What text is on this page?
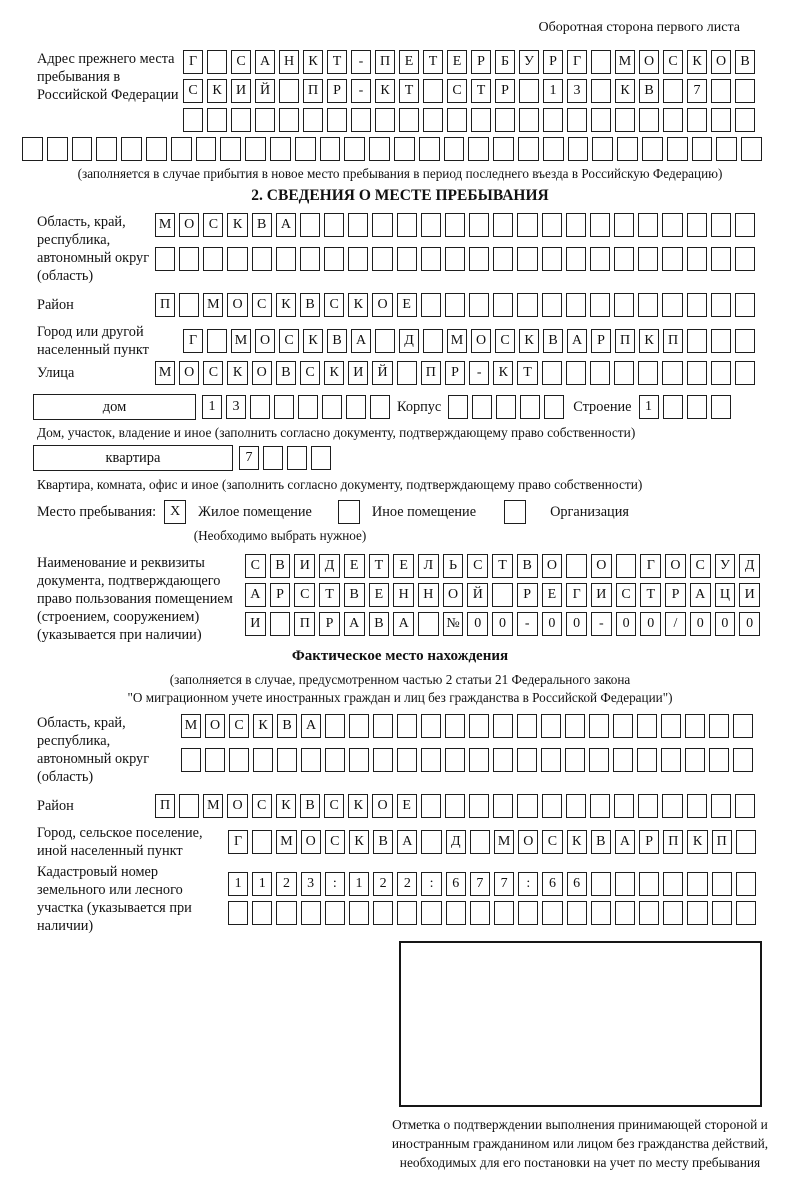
Оборотная сторона первого листа
Адрес прежнего места пребывания в Российской Федерации
Г	С	А Н	К	Т	-	П	Е	Т	Е	Р	Б	У	Р	Г	М О	С	К	О	В
С	К	И Й	П	Р	-	К	Т	С	Т	Р	1	3	К	В	7
(заполняется в случае прибытия в новое место пребывания в период последнего въезда в Российскую Федерацию)
2. СВЕДЕНИЯ О МЕСТЕ ПРЕБЫВАНИЯ
Область, край, республика, автономный округ (область)
М О	С	К	В	А
Район	П	М О	С	К	В	С	К	О	Е
Город или другой населенный пункт
Г	М О	С	К	В	А	Д	М О	С	К	В	А	Р	П	К	П
Улица	М О	С	К	О	В	С	К	И	Й	П	Р	-	К	Т
дом	1	3	Корпус	Строение 1
Дом, участок, владение и иное (заполнить согласно документу, подтверждающему право собственности)
квартира	7
Квартира, комната, офис и иное (заполнить согласно документу, подтверждающему право собственности)
Место пребывания: X	Жилое помещение	Иное помещение	Организация
(Необходимо выбрать нужное)
Наименование и реквизиты документа, подтверждающего право пользования помещением (строением, сооружением) (указывается при наличии)
С	В	И	Д	Е	Т	Е	Л	Ь	С	Т	В	О	О	Г	О	С	У	Д
А	Р	С	Т	В	Е	Н	Н	О	Й	Р	Е	Г	И	С	Т	Р	А	Ц	И
И	П	Р	А	В	А	№	0	0	-	0	0	-	0	0	/	0	0	0
Фактическое место нахождения
(заполняется в случае, предусмотренном частью 2 статьи 21 Федерального закона
"О миграционном учете иностранных граждан и лиц без гражданства в Российской Федерации")
Область, край, республика, автономный округ (область)
М О	С	К	В	А
Район	П	М О	С	К	В	С	К	О	Е
Город, сельское поселение, иной населенный пункт
Г	М О	С	К	В	А	Д	М О	С	К	В	А	Р	П	К	П
Кадастровый номер земельного или лесного участка (указывается при наличии)
1	1	2	3	:	1	2	2	:	6	7	7	:	6	6
Отметка о подтверждении выполнения принимающей стороной и иностранным гражданином или лицом без гражданства действий, необходимых для его постановки на учет по месту пребывания
